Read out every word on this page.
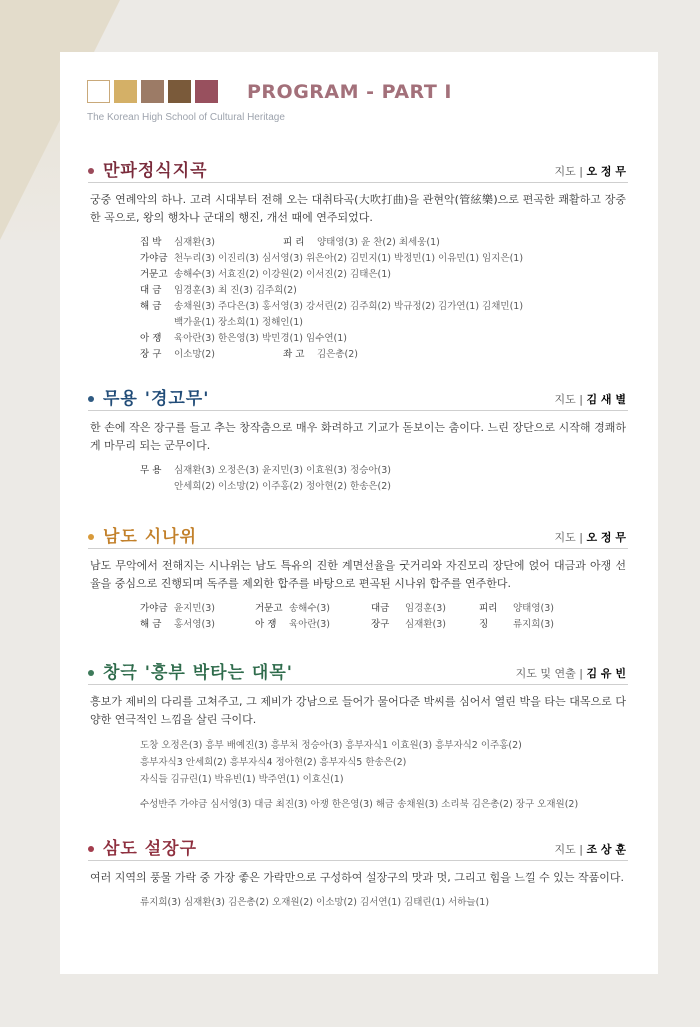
PROGRAM - PART Ⅰ
The Korean High School of Cultural Heritage
만파정식지곡	지도 | 오 정 무
궁중 연례악의 하나. 고려 시대부터 전해 오는 대취타곡(大吹打曲)을 관현악(管絃樂)으로 편곡한 쾌활하고 장중한 곡으로, 왕의 행차나 군대의 행진, 개선 때에 연주되었다.
집 박	심재환(3)	피 리	양태영(3) 윤 찬(2) 최세웅(1)
가야금 천누리(3) 이진리(3) 심서영(3) 위은아(2) 김민지(1) 박정민(1) 이유민(1) 임지은(1)
거문고 송해수(3) 서효진(2) 이강원(2) 이서진(2) 김태은(1)
대 금	임경훈(3) 최 진(3) 김주희(2)
해 금	송채원(3) 주다은(3) 홍서영(3) 강서린(2) 김주희(2) 박규정(2) 김가연(1) 김채민(1)
백가윤(1) 장소희(1) 정해인(1)
아 쟁	육아란(3) 한은영(3) 박민경(1) 임수연(1)
장 구	이소망(2)	좌 고	김은총(2)
무용 '경고무'	지도 | 김 새 별
한 손에 작은 장구를 들고 추는 창작춤으로 매우 화려하고 기교가 돋보이는 춤이다. 느린 장단으로 시작해 경쾌하게 마무리 되는 군무이다.
무 용	심재환(3) 오정은(3) 윤지민(3) 이효원(3) 정승아(3)
안세희(2) 이소망(2) 이주홍(2) 정아현(2) 한송은(2)
남도 시나위	지도 | 오 정 무
남도 무악에서 전해지는 시나위는 남도 특유의 진한 계면선율을 굿거리와 자진모리 장단에 얹어 대금과 아쟁 선율을 중심으로 진행되며 독주를 제외한 합주를 바탕으로 편곡된 시나위 합주를 연주한다.
가야금 윤지민(3)	거문고 송해수(3)	대금	임경훈(3)	피리	양태영(3)
해 금	홍서영(3)	아 쟁	육아란(3)	장구	심재환(3)	징	류지희(3)
창극 '흥부 박타는 대목'	지도 및 연출 | 김 유 빈
흥보가 제비의 다리를 고쳐주고, 그 제비가 강남으로 들어가 물어다준 박씨를 심어서 열린 박을 타는 대목으로 다양한 연극적인 느낌을 살린 극이다.
도창 오정은(3) 흥부 배예진(3) 흥부처 정승아(3) 흥부자식1 이효원(3) 흥부자식2 이주홍(2)
흥부자식3 안세희(2) 흥부자식4 정아현(2) 흥부자식5 한송은(2)
자식들 김규린(1) 박유빈(1) 박주연(1) 이효신(1)
수성반주 가야금 심서영(3) 대금 최진(3) 아쟁 한은영(3) 해금 송채원(3) 소리북 김은총(2) 장구 오재원(2)
삼도 설장구	지도 | 조 상 훈
여러 지역의 풍물 가락 중 가장 좋은 가락만으로 구성하여 설장구의 맛과 멋, 그리고 힘을 느낄 수 있는 작품이다.
류지희(3) 심재환(3) 김은총(2) 오재원(2) 이소망(2) 김서연(1) 김태린(1) 서하늘(1)
